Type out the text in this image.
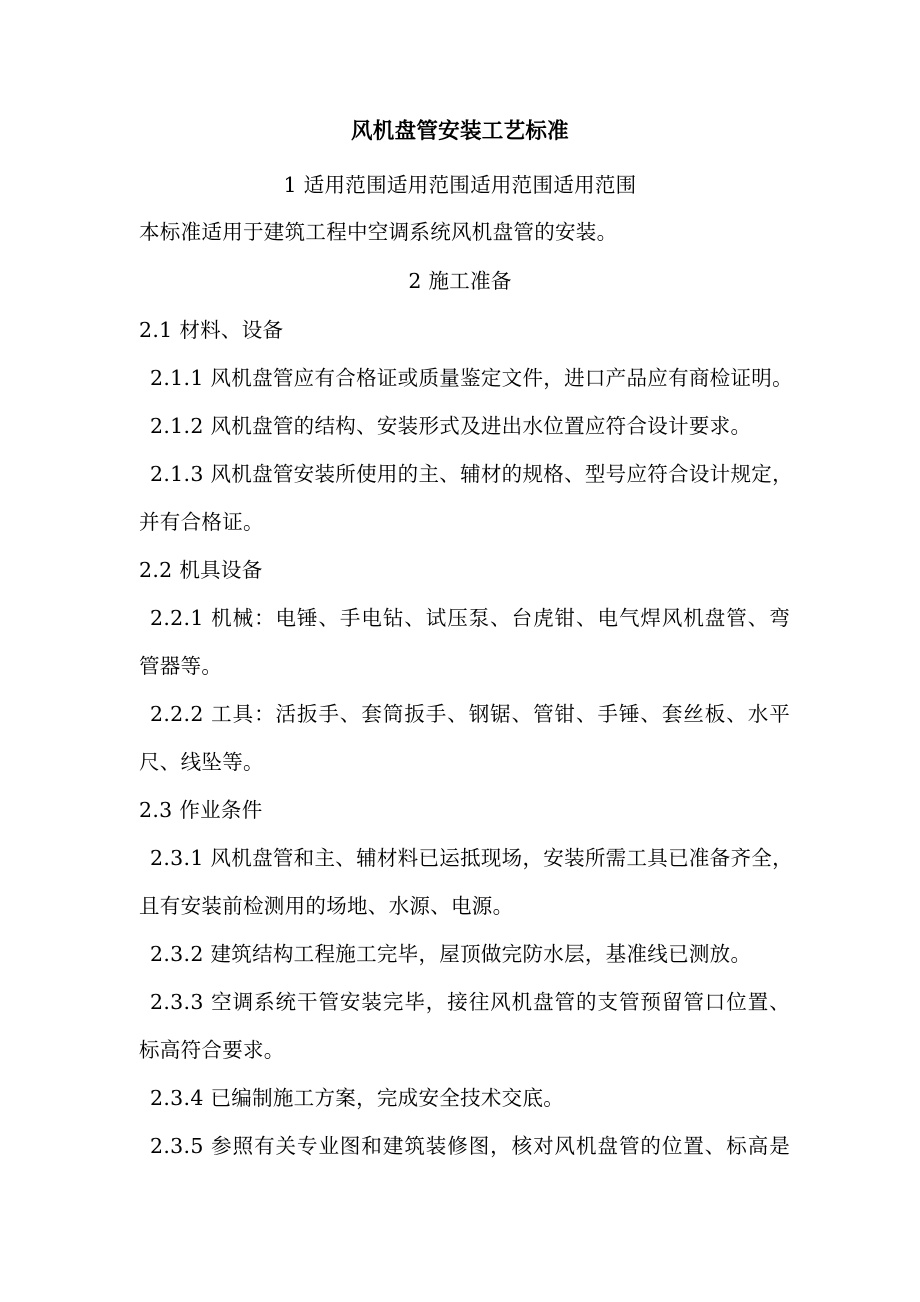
风机盘管安装工艺标准
1 适用范围适用范围适用范围适用范围
本标准适用于建筑工程中空调系统风机盘管的安装。
2 施工准备
2.1 材料、设备
2.1.1 风机盘管应有合格证或质量鉴定文件，进口产品应有商检证明。
2.1.2 风机盘管的结构、安装形式及进出水位置应符合设计要求。
2.1.3 风机盘管安装所使用的主、辅材的规格、型号应符合设计规定，
并有合格证。
2.2 机具设备
2.2.1 机械：电锤、手电钻、试压泵、台虎钳、电气焊风机盘管、弯
管器等。
2.2.2 工具：活扳手、套筒扳手、钢锯、管钳、手锤、套丝板、水平
尺、线坠等。
2.3 作业条件
2.3.1 风机盘管和主、辅材料已运抵现场，安装所需工具已准备齐全，
且有安装前检测用的场地、水源、电源。
2.3.2 建筑结构工程施工完毕，屋顶做完防水层，基准线已测放。
2.3.3 空调系统干管安装完毕，接往风机盘管的支管预留管口位置、
标高符合要求。
2.3.4 已编制施工方案，完成安全技术交底。
2.3.5 参照有关专业图和建筑装修图，核对风机盘管的位置、标高是
